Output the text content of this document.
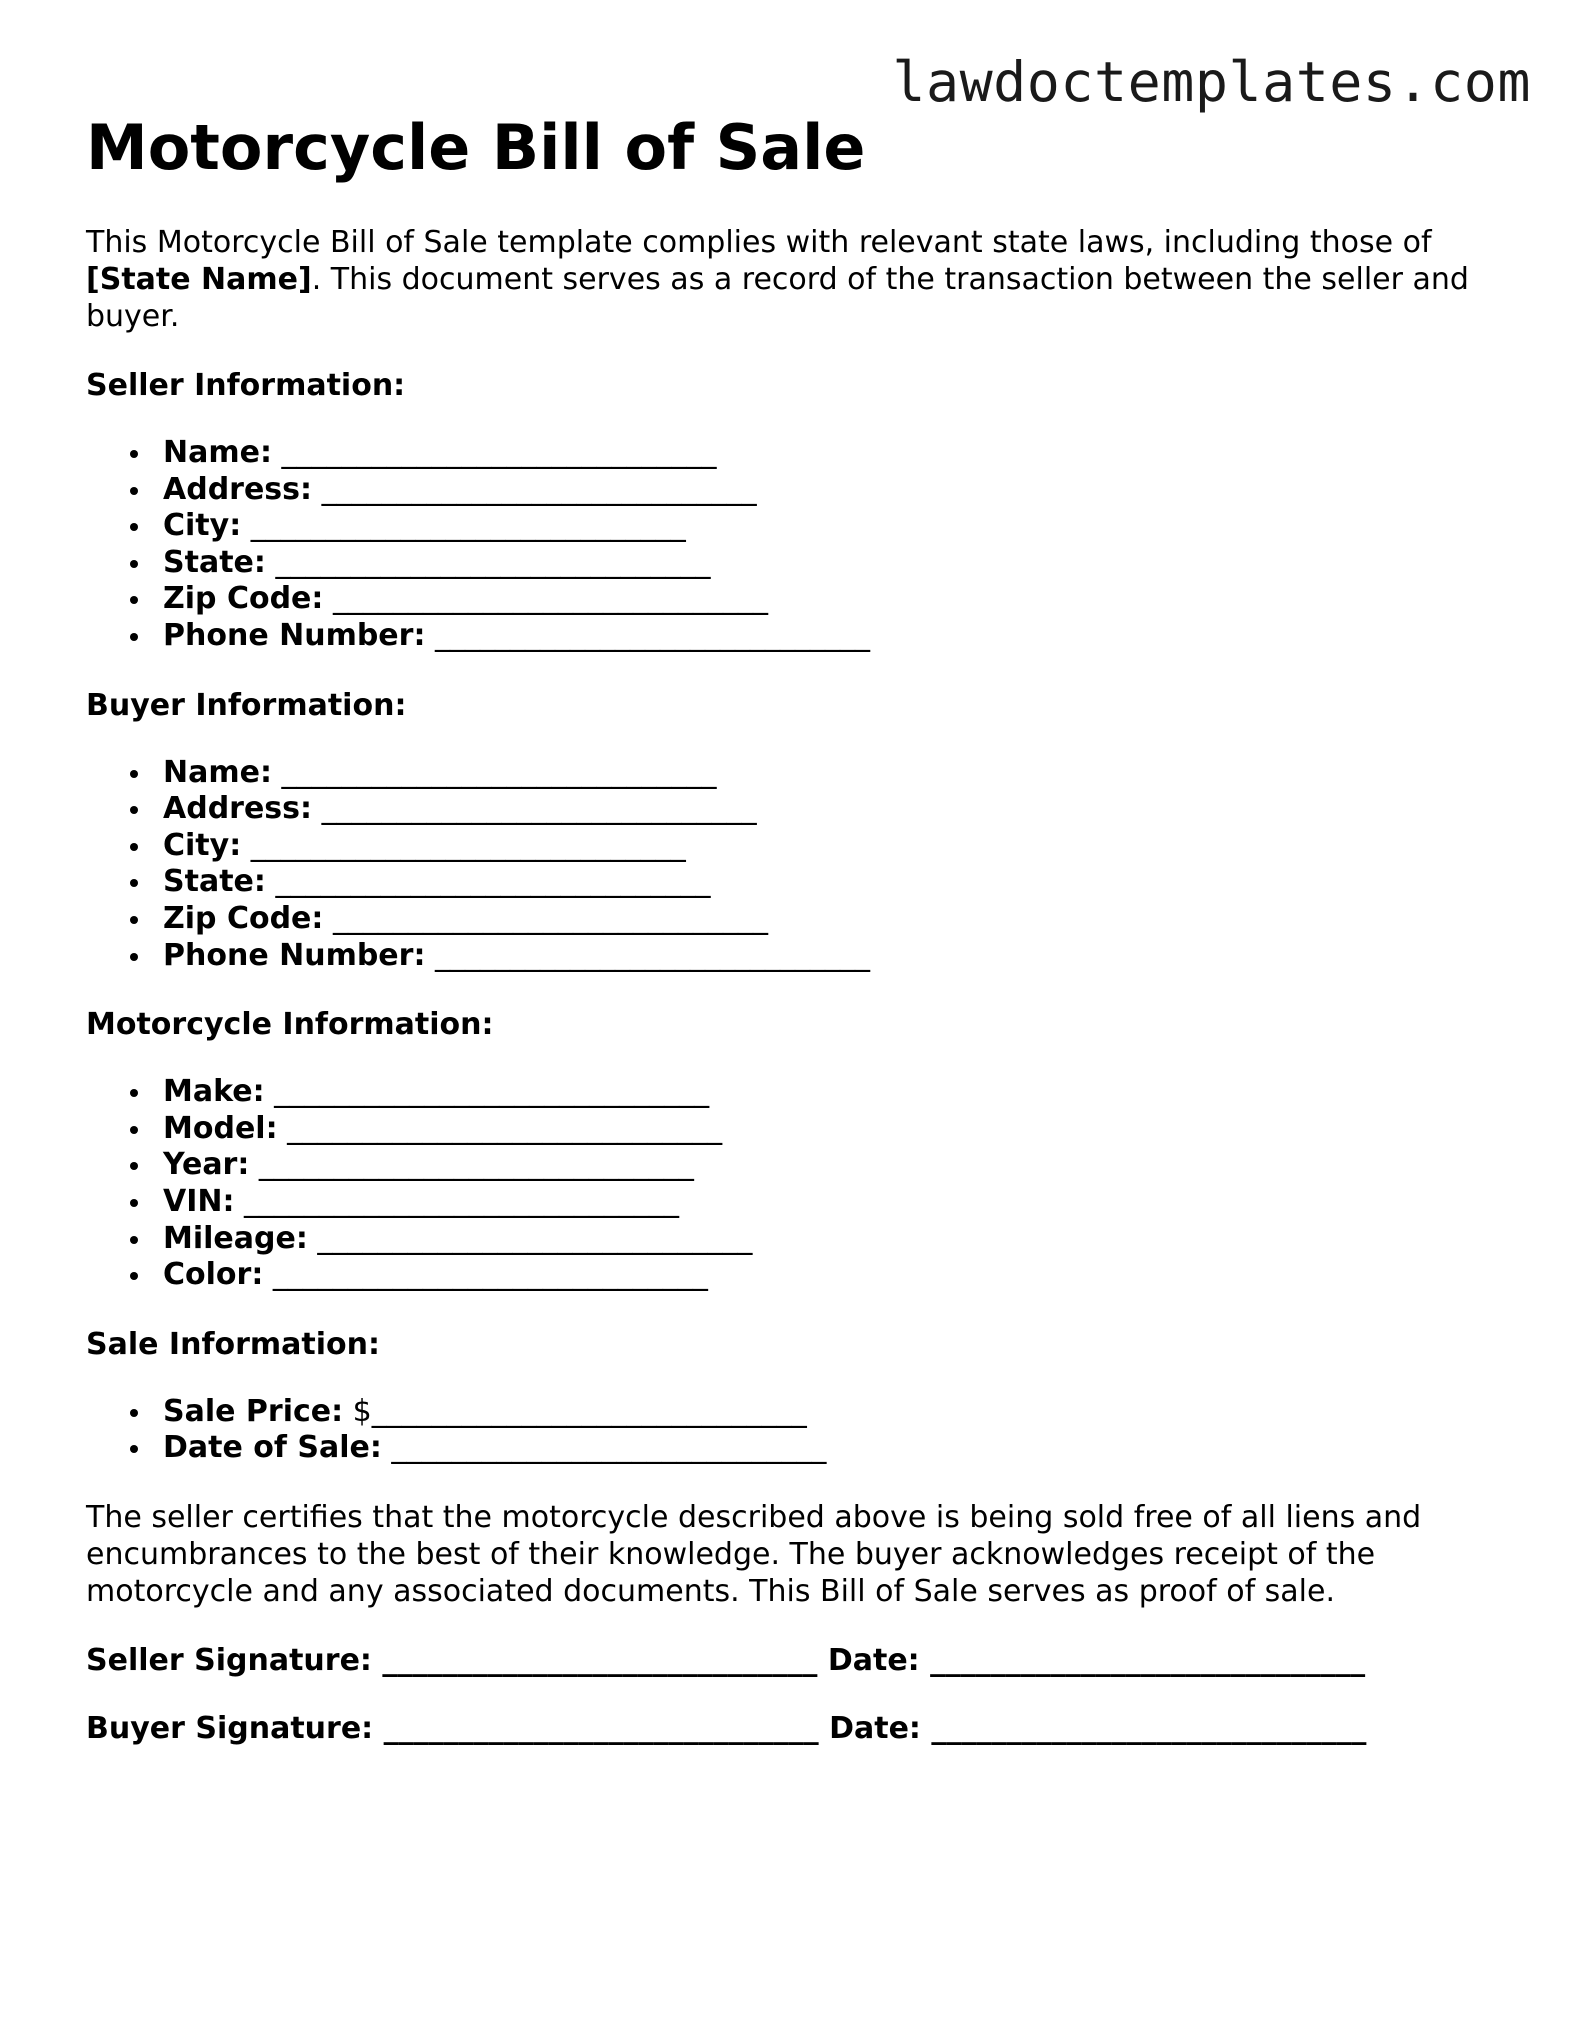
lawdoctemplates.com
Motorcycle Bill of Sale

This Motorcycle Bill of Sale template complies with relevant state laws, including those of [State Name]. This document serves as a record of the transaction between the seller and buyer.

Seller Information:
Name: _____________________________
Address: _____________________________
City: _____________________________
State: _____________________________
Zip Code: _____________________________
Phone Number: _____________________________
Buyer Information:
Name: _____________________________
Address: _____________________________
City: _____________________________
State: _____________________________
Zip Code: _____________________________
Phone Number: _____________________________
Motorcycle Information:
Make: _____________________________
Model: _____________________________
Year: _____________________________
VIN: _____________________________
Mileage: _____________________________
Color: _____________________________
Sale Information:
Sale Price: $_____________________________
Date of Sale: _____________________________

The seller certifies that the motorcycle described above is being sold free of all liens and encumbrances to the best of their knowledge. The buyer acknowledges receipt of the motorcycle and any associated documents. This Bill of Sale serves as proof of sale.

Seller Signature: _____________________________ Date: _____________________________
Buyer Signature: _____________________________ Date: _____________________________
